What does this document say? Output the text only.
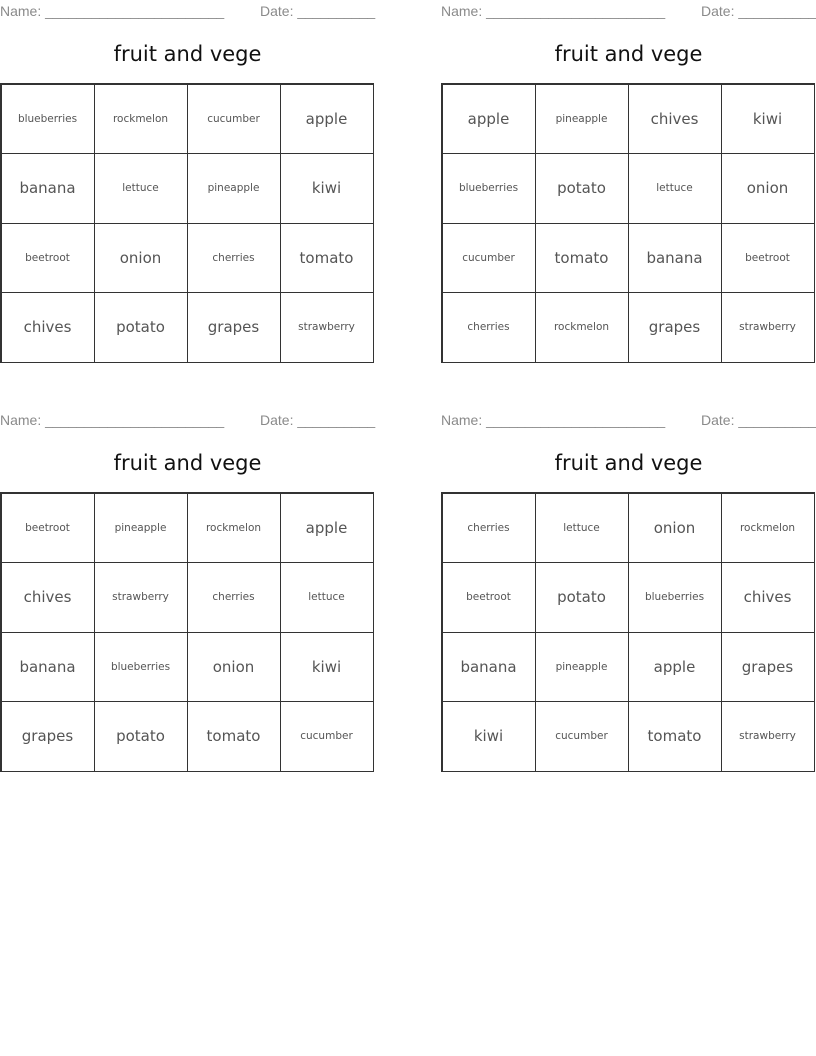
Name: _______________________	Date: __________
fruit and vege
blueberries	rockmelon	cucumber	apple
banana	lettuce	pineapple	kiwi
beetroot	onion	cherries	tomato
chives	potato	grapes	strawberry
Name: _______________________	Date: __________
fruit and vege
apple	pineapple	chives	kiwi
blueberries	potato	lettuce	onion
cucumber	tomato	banana	beetroot
cherries	rockmelon	grapes	strawberry
Name: _______________________	Date: __________
fruit and vege
beetroot	pineapple	rockmelon	apple
chives	strawberry	cherries	lettuce
banana	blueberries	onion	kiwi
grapes	potato	tomato	cucumber
Name: _______________________	Date: __________
fruit and vege
cherries	lettuce	onion	rockmelon
beetroot	potato	blueberries	chives
banana	pineapple	apple	grapes
kiwi	cucumber	tomato	strawberry
